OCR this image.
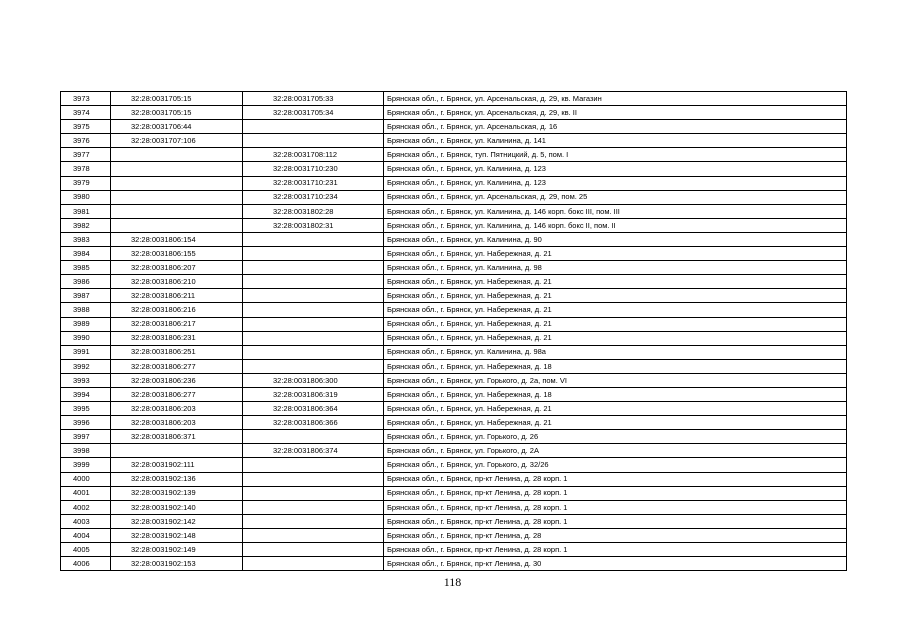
3973	32:28:0031705:15	32:28:0031705:33	Брянская обл., г. Брянск, ул. Арсенальская, д. 29, кв. Магазин
3974	32:28:0031705:15	32:28:0031705:34	Брянская обл., г. Брянск, ул. Арсенальская, д. 29, кв. II
3975	32:28:0031706:44		Брянская обл., г. Брянск, ул. Арсенальская, д. 16
3976	32:28:0031707:106		Брянская обл., г. Брянск, ул. Калинина, д. 141
3977		32:28:0031708:112	Брянская обл., г. Брянск, туп. Пятницкий, д. 5, пом. I
3978		32:28:0031710:230	Брянская обл., г. Брянск, ул. Калинина, д. 123
3979		32:28:0031710:231	Брянская обл., г. Брянск, ул. Калинина, д. 123
3980		32:28:0031710:234	Брянская обл., г. Брянск, ул. Арсенальская, д. 29, пом. 25
3981		32:28:0031802:28	Брянская обл., г. Брянск, ул. Калинина, д. 146 корп. бокс III, пом. III
3982		32:28:0031802:31	Брянская обл., г. Брянск, ул. Калинина, д. 146 корп. бокс II, пом. II
3983	32:28:0031806:154		Брянская обл., г. Брянск, ул. Калинина, д. 90
3984	32:28:0031806:155		Брянская обл., г. Брянск, ул. Набережная, д. 21
3985	32:28:0031806:207		Брянская обл., г. Брянск, ул. Калинина, д. 98
3986	32:28:0031806:210		Брянская обл., г. Брянск, ул. Набережная, д. 21
3987	32:28:0031806:211		Брянская обл., г. Брянск, ул. Набережная, д. 21
3988	32:28:0031806:216		Брянская обл., г. Брянск, ул. Набережная, д. 21
3989	32:28:0031806:217		Брянская обл., г. Брянск, ул. Набережная, д. 21
3990	32:28:0031806:231		Брянская обл., г. Брянск, ул. Набережная, д. 21
3991	32:28:0031806:251		Брянская обл., г. Брянск, ул. Калинина, д. 98а
3992	32:28:0031806:277		Брянская обл., г. Брянск, ул. Набережная, д. 18
3993	32:28:0031806:236	32:28:0031806:300	Брянская обл., г. Брянск, ул. Горького, д. 2а, пом. VI
3994	32:28:0031806:277	32:28:0031806:319	Брянская обл., г. Брянск, ул. Набережная, д. 18
3995	32:28:0031806:203	32:28:0031806:364	Брянская обл., г. Брянск, ул. Набережная, д. 21
3996	32:28:0031806:203	32:28:0031806:366	Брянская обл., г. Брянск, ул. Набережная, д. 21
3997	32:28:0031806:371		Брянская обл., г. Брянск, ул. Горького, д. 26
3998		32:28:0031806:374	Брянская обл., г. Брянск, ул. Горького, д. 2А
3999	32:28:0031902:111		Брянская обл., г. Брянск, ул. Горького, д. 32/26
4000	32:28:0031902:136		Брянская обл., г. Брянск, пр-кт Ленина, д. 28 корп. 1
4001	32:28:0031902:139		Брянская обл., г. Брянск, пр-кт Ленина, д. 28 корп. 1
4002	32:28:0031902:140		Брянская обл., г. Брянск, пр-кт Ленина, д. 28 корп. 1
4003	32:28:0031902:142		Брянская обл., г. Брянск, пр-кт Ленина, д. 28 корп. 1
4004	32:28:0031902:148		Брянская обл., г. Брянск, пр-кт Ленина, д. 28
4005	32:28:0031902:149		Брянская обл., г. Брянск, пр-кт Ленина, д. 28 корп. 1
4006	32:28:0031902:153		Брянская обл., г. Брянск, пр-кт Ленина, д. 30
118
